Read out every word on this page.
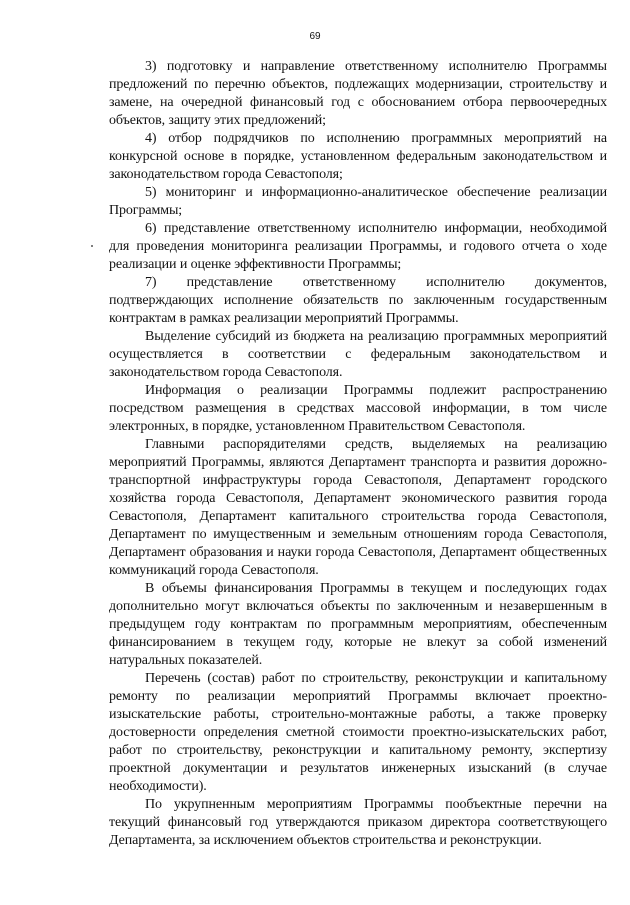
69

3) подготовку и направление ответственному исполнителю Программы предложений по перечню объектов, подлежащих модернизации, строительству и замене, на очередной финансовый год с обоснованием отбора первоочередных объектов, защиту этих предложений;

4) отбор подрядчиков по исполнению программных мероприятий на конкурсной основе в порядке, установленном федеральным законодательством и законодательством города Севастополя;

5) мониторинг и информационно-аналитическое обеспечение реализации Программы;

6) представление ответственному исполнителю информации, необходимой для проведения мониторинга реализации Программы, и годового отчета о ходе реализации и оценке эффективности Программы;

7) представление ответственному исполнителю документов, подтверждающих исполнение обязательств по заключенным государственным контрактам в рамках реализации мероприятий Программы.

Выделение субсидий из бюджета на реализацию программных мероприятий осуществляется в соответствии с федеральным законодательством и законодательством города Севастополя.

Информация о реализации Программы подлежит распространению посредством размещения в средствах массовой информации, в том числе электронных, в порядке, установленном Правительством Севастополя.

Главными распорядителями средств, выделяемых на реализацию мероприятий Программы, являются Департамент транспорта и развития дорожно-транспортной инфраструктуры города Севастополя, Департамент городского хозяйства города Севастополя, Департамент экономического развития города Севастополя, Департамент капитального строительства города Севастополя, Департамент по имущественным и земельным отношениям города Севастополя, Департамент образования и науки города Севастополя, Департамент общественных коммуникаций города Севастополя.

В объемы финансирования Программы в текущем и последующих годах дополнительно могут включаться объекты по заключенным и незавершенным в предыдущем году контрактам по программным мероприятиям, обеспеченным финансированием в текущем году, которые не влекут за собой изменений натуральных показателей.

Перечень (состав) работ по строительству, реконструкции и капитальному ремонту по реализации мероприятий Программы включает проектно-изыскательские работы, строительно-монтажные работы, а также проверку достоверности определения сметной стоимости проектно-изыскательских работ, работ по строительству, реконструкции и капитальному ремонту, экспертизу проектной документации и результатов инженерных изысканий (в случае необходимости).

По укрупненным мероприятиям Программы пообъектные перечни на текущий финансовый год утверждаются приказом директора соответствующего Департамента, за исключением объектов строительства и реконструкции.
